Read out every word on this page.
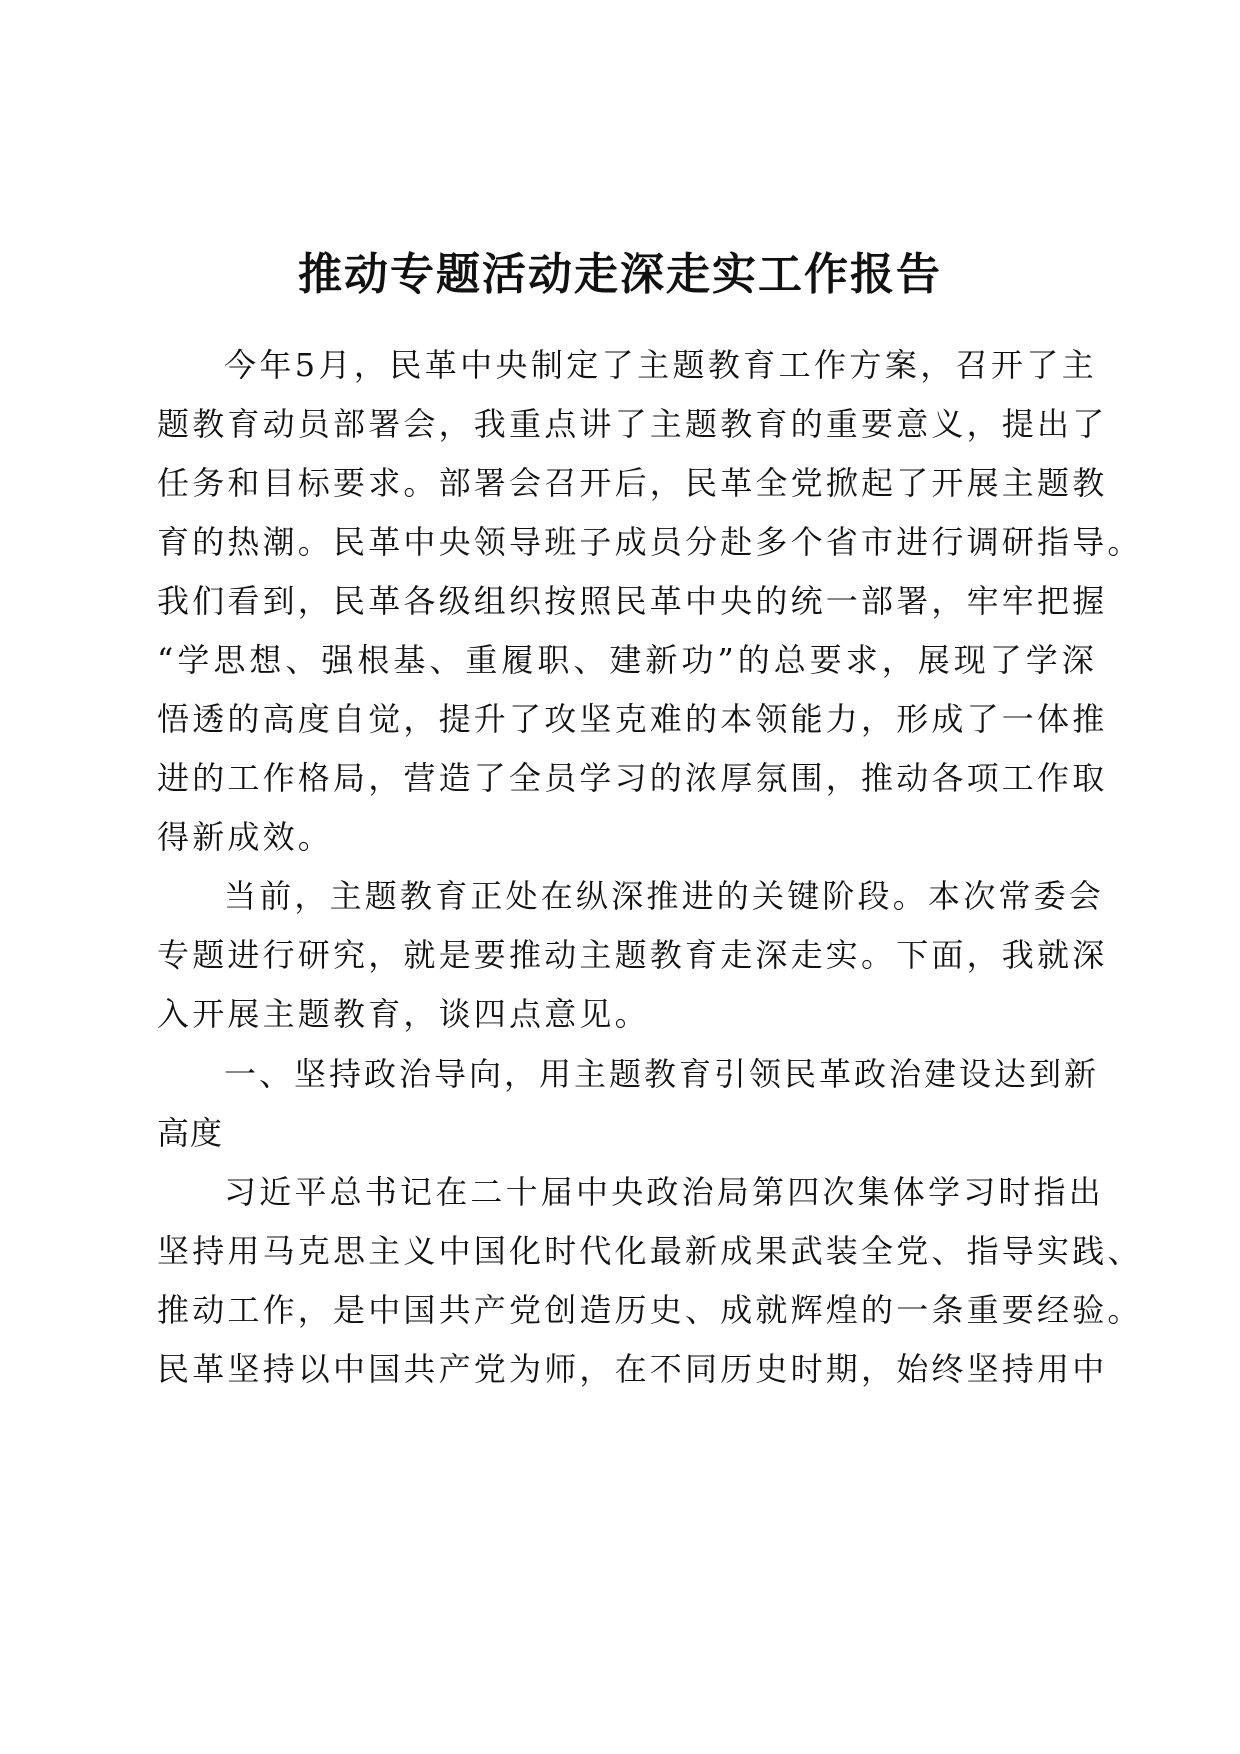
推动专题活动走深走实工作报告

今年5月，民革中央制定了主题教育工作方案，召开了主

题教育动员部署会，我重点讲了主题教育的重要意义，提出了

任务和目标要求。部署会召开后，民革全党掀起了开展主题教

育的热潮。民革中央领导班子成员分赴多个省市进行调研指导。

我们看到，民革各级组织按照民革中央的统一部署，牢牢把握

“学思想、强根基、重履职、建新功”的总要求，展现了学深

悟透的高度自觉，提升了攻坚克难的本领能力，形成了一体推

进的工作格局，营造了全员学习的浓厚氛围，推动各项工作取

得新成效。

当前，主题教育正处在纵深推进的关键阶段。本次常委会

专题进行研究，就是要推动主题教育走深走实。下面，我就深

入开展主题教育，谈四点意见。

一、坚持政治导向，用主题教育引领民革政治建设达到新

高度

习近平总书记在二十届中央政治局第四次集体学习时指出

坚持用马克思主义中国化时代化最新成果武装全党、指导实践、

推动工作，是中国共产党创造历史、成就辉煌的一条重要经验。

民革坚持以中国共产党为师，在不同历史时期，始终坚持用中
